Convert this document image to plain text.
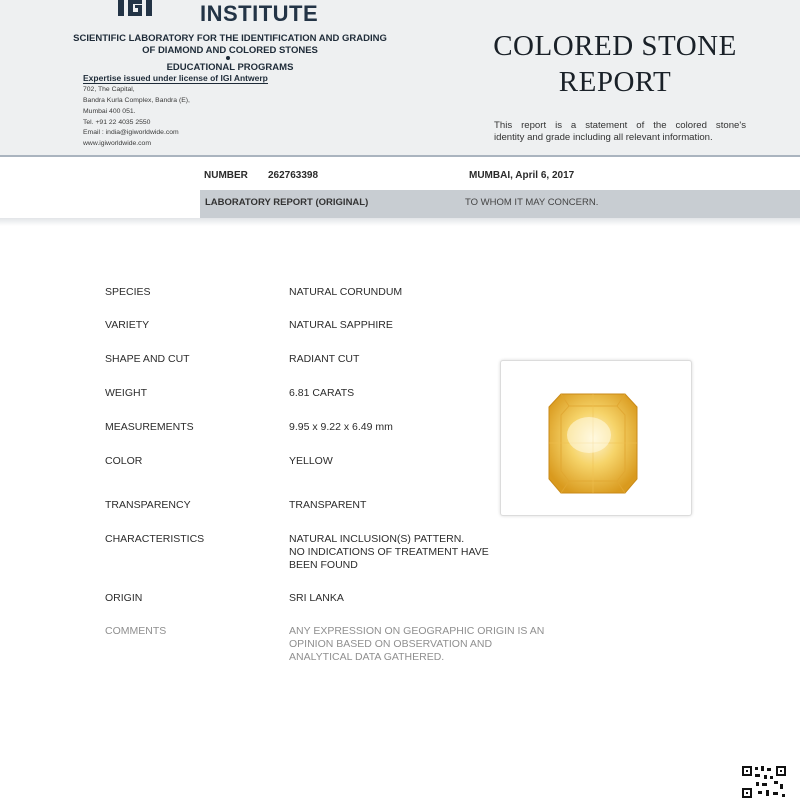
INSTITUTE
SCIENTIFIC LABORATORY FOR THE IDENTIFICATION AND GRADING
OF DIAMOND AND COLORED STONES
EDUCATIONAL PROGRAMS
Expertise issued under license of IGI Antwerp
702, The Capital,
Bandra Kurla Complex, Bandra (E),
Mumbai 400 051.
Tel. +91 22 4035 2550
Email : india@igiworldwide.com
www.igiworldwide.com
COLORED STONE
REPORT
This report is a statement of the colored stone's
identity and grade including all relevant information.
NUMBER 262763398	MUMBAI, April 6, 2017
LABORATORY REPORT (ORIGINAL)	TO WHOM IT MAY CONCERN.
SPECIES	NATURAL CORUNDUM
VARIETY	NATURAL SAPPHIRE
SHAPE AND CUT	RADIANT CUT
WEIGHT	6.81 CARATS
MEASUREMENTS	9.95 x 9.22 x 6.49 mm
COLOR	YELLOW
TRANSPARENCY	TRANSPARENT
CHARACTERISTICS	NATURAL INCLUSION(S) PATTERN.
NO INDICATIONS OF TREATMENT HAVE
BEEN FOUND
ORIGIN	SRI LANKA
COMMENTS	ANY EXPRESSION ON GEOGRAPHIC ORIGIN IS AN
OPINION BASED ON OBSERVATION AND
ANALYTICAL DATA GATHERED.
